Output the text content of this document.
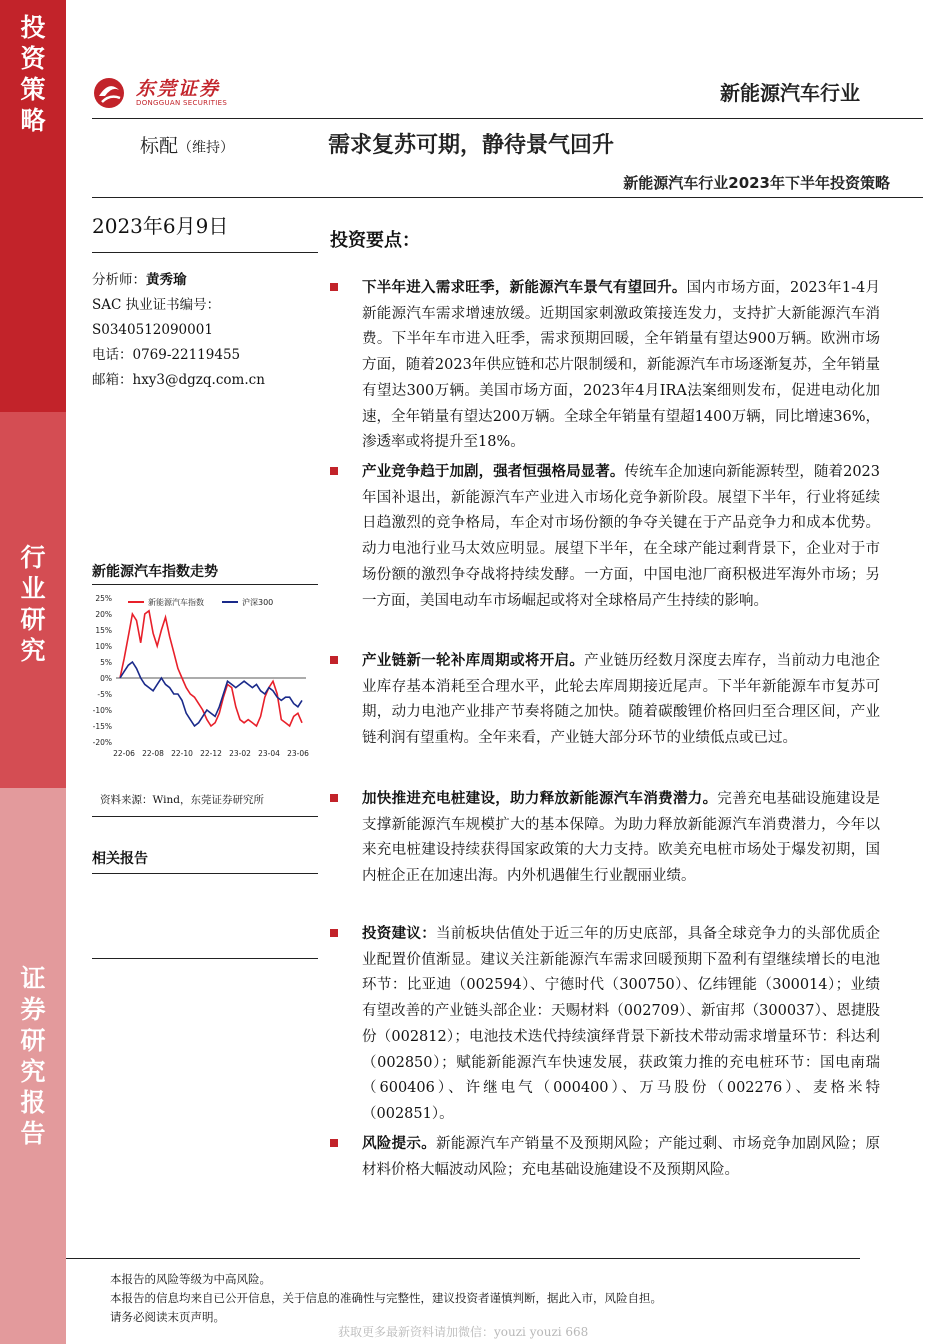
投资策略
行业研究
证券研究报告
东莞证券
DONGGUAN SECURITIES	新能源汽车行业
标配（维持）	需求复苏可期，静待景气回升
新能源汽车行业2023年下半年投资策略
2023年6月9日
分析师：黄秀瑜
SAC 执业证书编号：
S0340512090001
电话：0769-22119455
邮箱：hxy3@dgzq.com.cn
新能源汽车指数走势
25%
20%
15%
10%
5%
0%
-5%
-10%
-15%
-20%
22-06 22-08 22-10 22-12 23-02 23-04 23-06
新能源汽车指数	沪深300
资料来源：Wind，东莞证券研究所
相关报告
投资要点：
下半年进入需求旺季，新能源汽车景气有望回升。国内市场方面，2023年1-4月新能源汽车需求增速放缓。近期国家刺激政策接连发力，支持扩大新能源汽车消费。下半年车市进入旺季，需求预期回暖，全年销量有望达900万辆。欧洲市场方面，随着2023年供应链和芯片限制缓和，新能源汽车市场逐渐复苏，全年销量有望达300万辆。美国市场方面，2023年4月IRA法案细则发布，促进电动化加速，全年销量有望达200万辆。全球全年销量有望超1400万辆，同比增速36%，渗透率或将提升至18%。
产业竞争趋于加剧，强者恒强格局显著。传统车企加速向新能源转型，随着2023年国补退出，新能源汽车产业进入市场化竞争新阶段。展望下半年，行业将延续日趋激烈的竞争格局，车企对市场份额的争夺关键在于产品竞争力和成本优势。动力电池行业马太效应明显。展望下半年，在全球产能过剩背景下，企业对于市场份额的激烈争夺战将持续发酵。一方面，中国电池厂商积极进军海外市场；另一方面，美国电动车市场崛起或将对全球格局产生持续的影响。
产业链新一轮补库周期或将开启。产业链历经数月深度去库存，当前动力电池企业库存基本消耗至合理水平，此轮去库周期接近尾声。下半年新能源车市复苏可期，动力电池产业排产节奏将随之加快。随着碳酸锂价格回归至合理区间，产业链利润有望重构。全年来看，产业链大部分环节的业绩低点或已过。
加快推进充电桩建设，助力释放新能源汽车消费潜力。完善充电基础设施建设是支撑新能源汽车规模扩大的基本保障。为助力释放新能源汽车消费潜力，今年以来充电桩建设持续获得国家政策的大力支持。欧美充电桩市场处于爆发初期，国内桩企正在加速出海。内外机遇催生行业靓丽业绩。
投资建议：当前板块估值处于近三年的历史底部，具备全球竞争力的头部优质企业配置价值渐显。建议关注新能源汽车需求回暖预期下盈利有望继续增长的电池环节：比亚迪（002594）、宁德时代（300750）、亿纬锂能（300014）；业绩有望改善的产业链头部企业：天赐材料（002709）、新宙邦（300037）、恩捷股份（002812）；电池技术迭代持续演绎背景下新技术带动需求增量环节：科达利（002850）；赋能新能源汽车快速发展，获政策力推的充电桩环节：国电南瑞（600406）、许继电气（000400）、万马股份（002276）、麦格米特（002851）。
风险提示。新能源汽车产销量不及预期风险；产能过剩、市场竞争加剧风险；原材料价格大幅波动风险；充电基础设施建设不及预期风险。
本报告的风险等级为中高风险。
本报告的信息均来自已公开信息，关于信息的准确性与完整性，建议投资者谨慎判断，据此入市，风险自担。
请务必阅读末页声明。
获取更多最新资料请加微信：youzi youzi 668
